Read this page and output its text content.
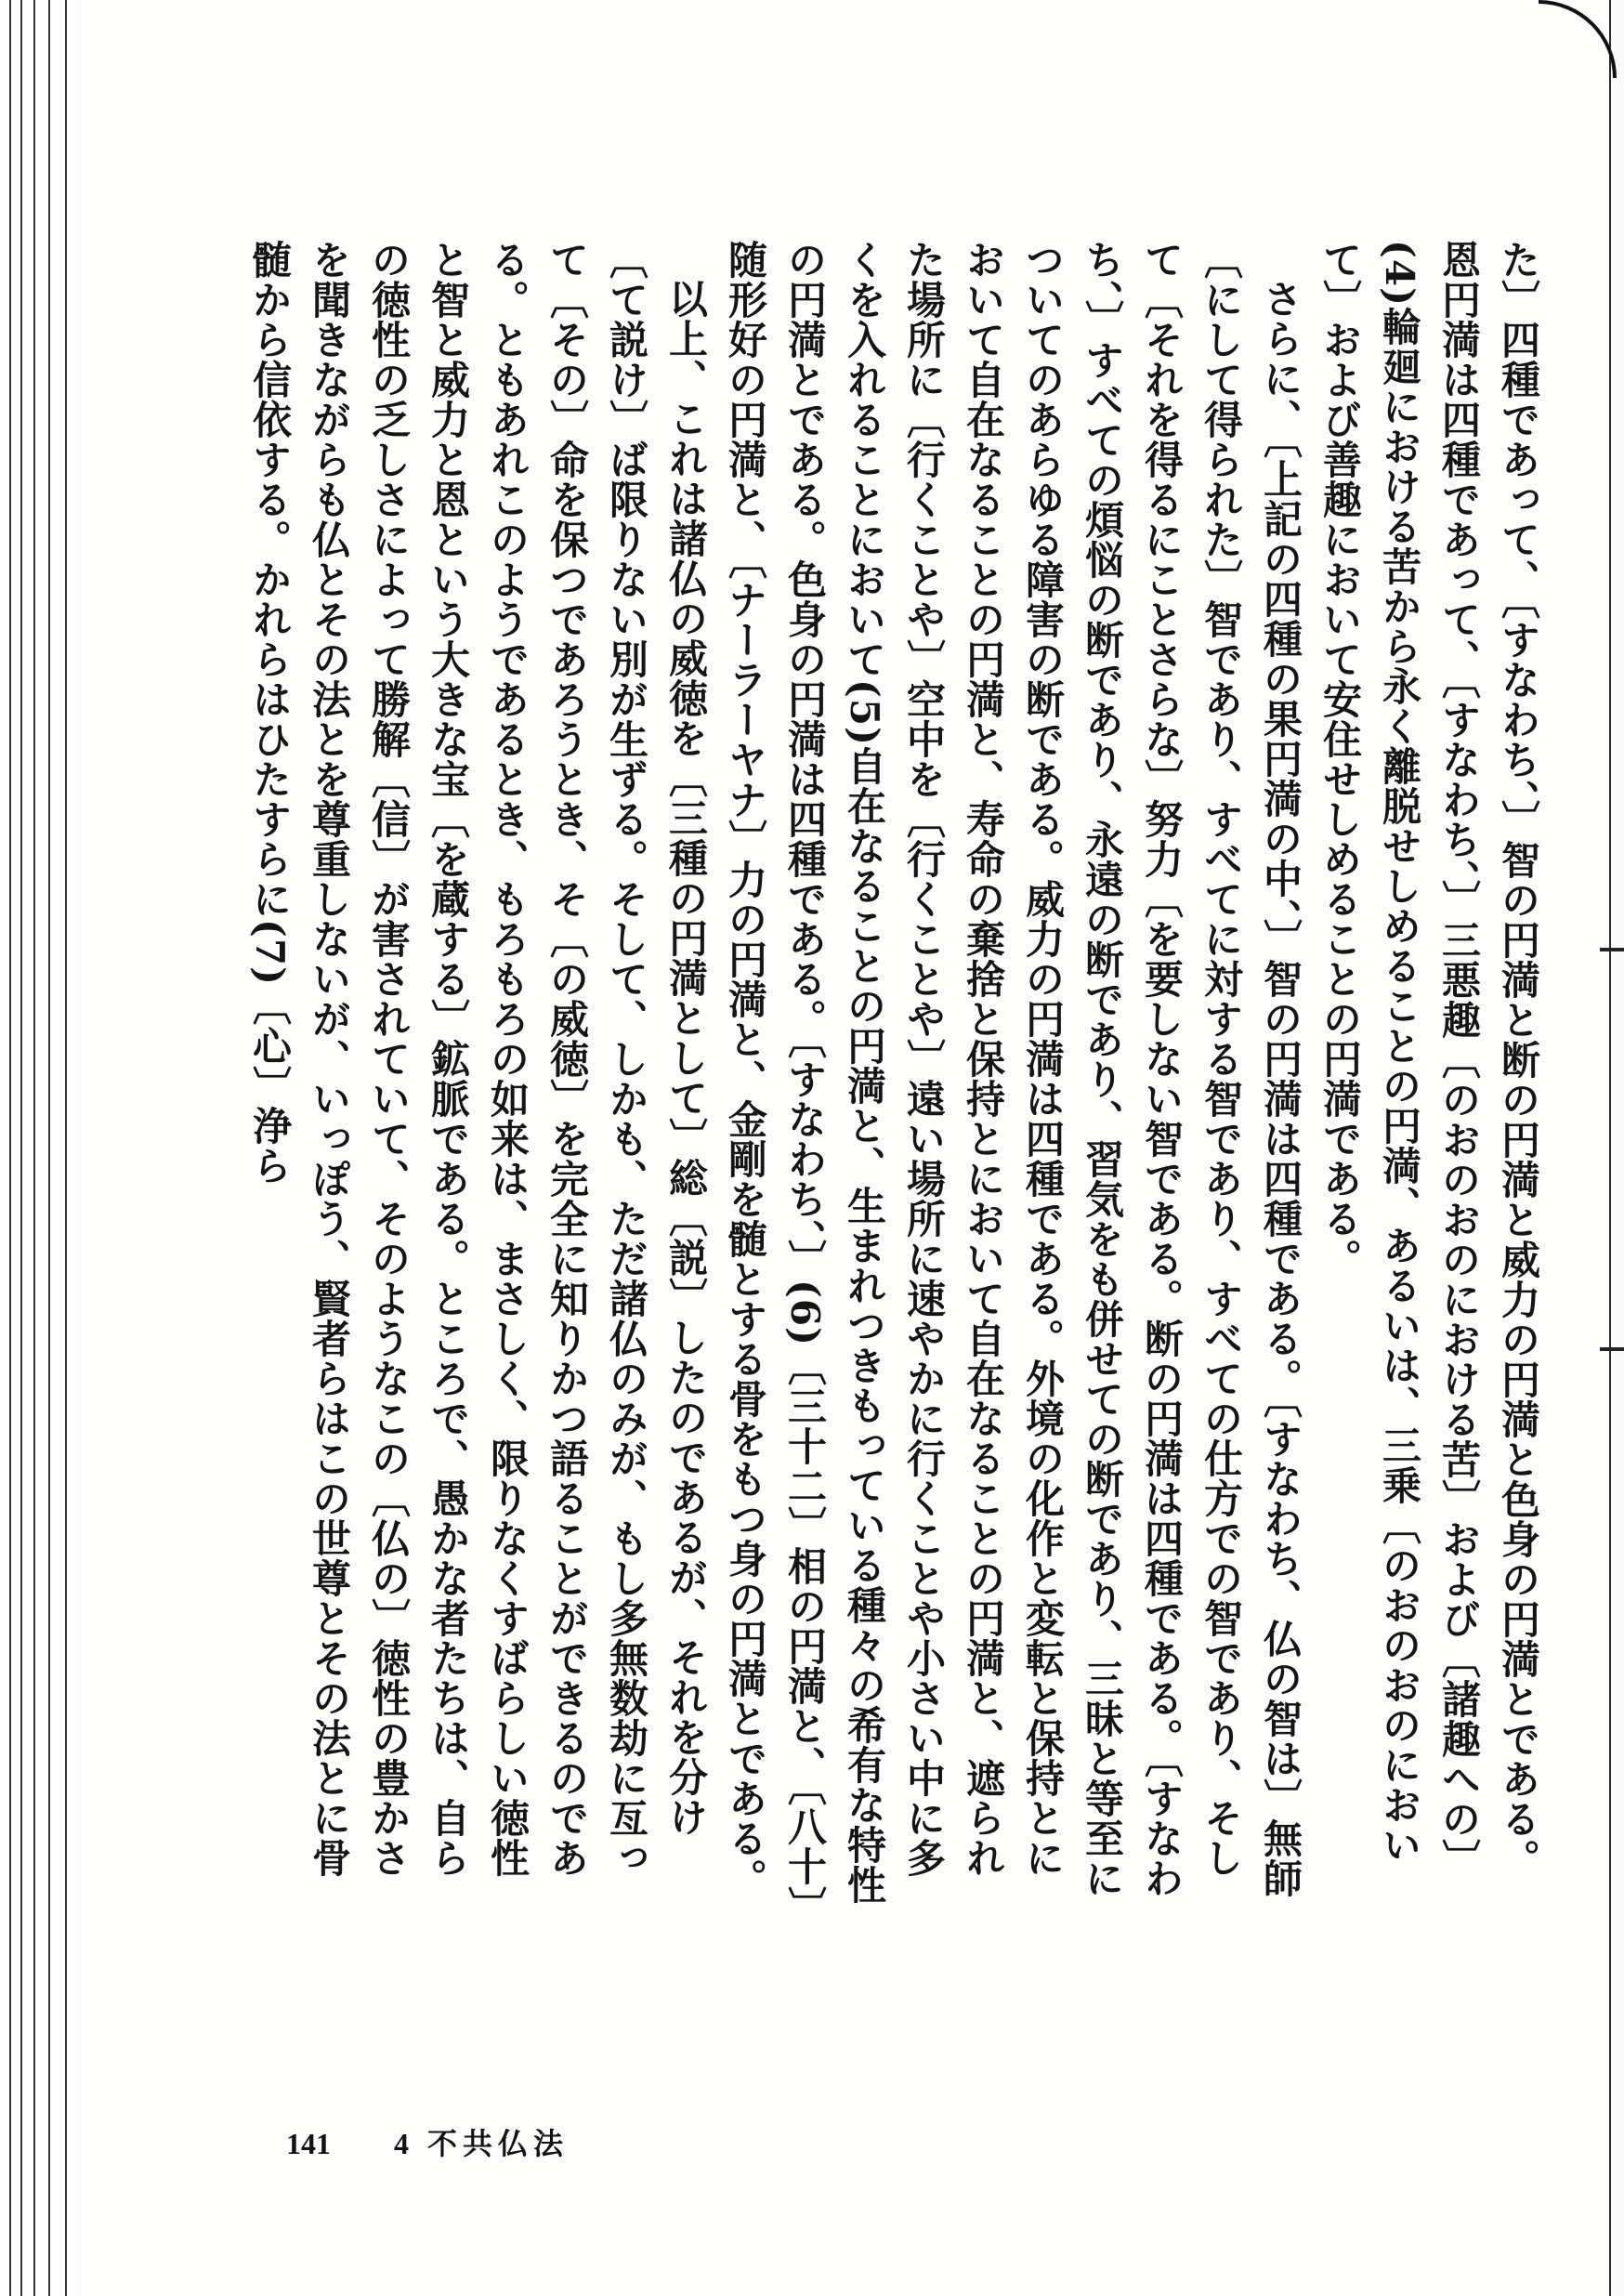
た〕四種であって、〔すなわち、〕智の円満と断の円満と威力の円満と色身の円満とである。恩円満は四種であって、〔すなわち、〕三悪趣〔のおのおのにおける苦〕および〔諸趣への〕(4)輪廻における苦から永く離脱せしめることの円満、あるいは、三乗〔のおのおのにおいて〕および善趣において安住せしめることの円満である。

さらに、〔上記の四種の果円満の中、〕智の円満は四種である。〔すなわち、仏の智は〕無師〔にして得られた〕智であり、すべてに対する智であり、すべての仕方での智であり、そして〔それを得るにことさらな〕努力〔を要しない智である。断の円満は四種である。〔すなわち、〕すべての煩悩の断であり、永遠の断であり、習気をも併せての断であり、三昧と等至についてのあらゆる障害の断である。威力の円満は四種である。外境の化作と変転と保持とにおいて自在なることの円満と、寿命の棄捨と保持とにおいて自在なることの円満と、遮られた場所に〔行くことや〕空中を〔行くことや〕遠い場所に速やかに行くことや小さい中に多くを入れることにおいて(5)自在なることの円満と、生まれつきもっている種々の希有な特性の円満とである。色身の円満は四種である。〔すなわち、〕(6)〔三十二〕相の円満と、〔八十〕随形好の円満と、〔ナーラーヤナ〕力の円満と、金剛を髄とする骨をもつ身の円満とである。

以上、これは諸仏の威徳を〔三種の円満として〕総〔説〕したのであるが、それを分け〔て説け〕ば限りない別が生ずる。そして、しかも、ただ諸仏のみが、もし多無数劫に亙って〔その〕命を保つであろうとき、そ〔の威徳〕を完全に知りかつ語ることができるのである。ともあれこのようであるとき、もろもろの如来は、まさしく、限りなくすばらしい徳性と智と威力と恩という大きな宝〔を蔵する〕鉱脈である。ところで、愚かな者たちは、自らの徳性の乏しさによって勝解〔信〕が害されていて、そのようなこの〔仏の〕徳性の豊かさを聞きながらも仏とその法とを尊重しないが、いっぽう、賢者らはこの世尊とその法とに骨髄から信依する。かれらはひたすらに(7)〔心〕浄ら

141 4 不共仏法
